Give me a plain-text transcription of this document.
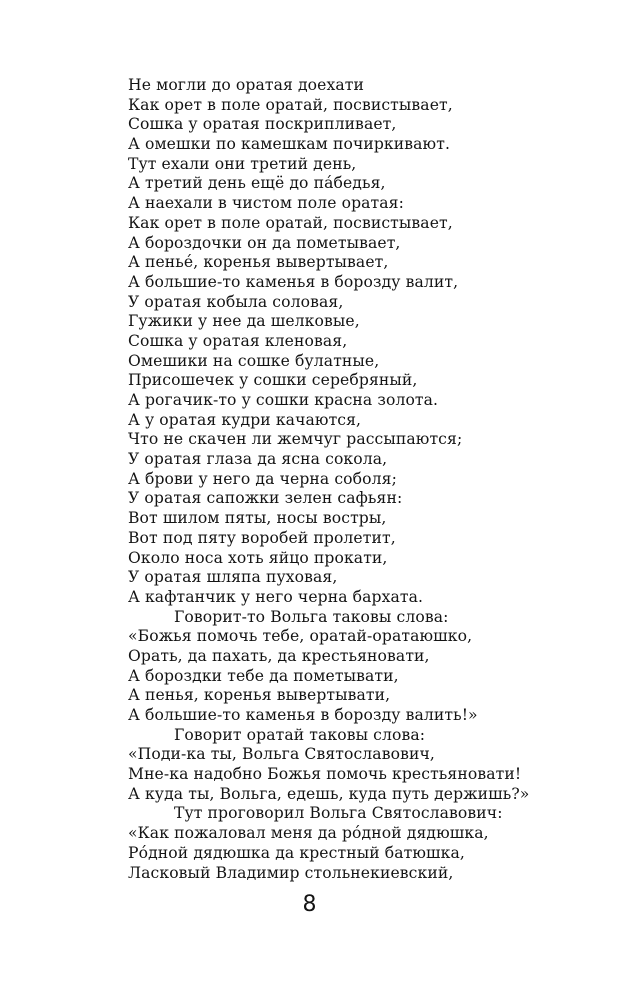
Не могли до оратая доехати
Как орет в поле оратай, посвистывает,
Сошка у оратая поскрипливает,
А омешки по камешкам почиркивают.
Тут ехали они третий день,
А третий день ещё до па́бедья,
А наехали в чистом поле оратая:
Как орет в поле оратай, посвистывает,
А бороздочки он да пометывает,
А пенье́, коренья вывертывает,
А большие-то каменья в борозду валит,
У оратая кобыла соловая,
Гужики у нее да шелковые,
Сошка у оратая кленовая,
Омешики на сошке булатные,
Присошечек у сошки серебряный,
А рогачик-то у сошки красна золота.
А у оратая кудри качаются,
Что не скачен ли жемчуг рассыпаются;
У оратая глаза да ясна сокола,
А брови у него да черна соболя;
У оратая сапожки зелен сафьян:
Вот шилом пяты, носы востры,
Вот под пяту воробей пролетит,
Около носа хоть яйцо прокати,
У оратая шляпа пуховая,
А кафтанчик у него черна бархата.
Говорит-то Вольга таковы слова:
«Божья помочь тебе, оратай-оратаюшко,
Орать, да пахать, да крестьяновати,
А бороздки тебе да пометывати,
А пенья, коренья вывертывати,
А большие-то каменья в борозду валить!»
Говорит оратай таковы слова:
«Поди-ка ты, Вольга Святославович,
Мне-ка надобно Божья помочь крестьяновати!
А куда ты, Вольга, едешь, куда путь держишь?»
Тут проговорил Вольга Святославович:
«Как пожаловал меня да ро́дной дядюшка,
Ро́дной дядюшка да крестный батюшка,
Ласковый Владимир стольнекиевский,
8
